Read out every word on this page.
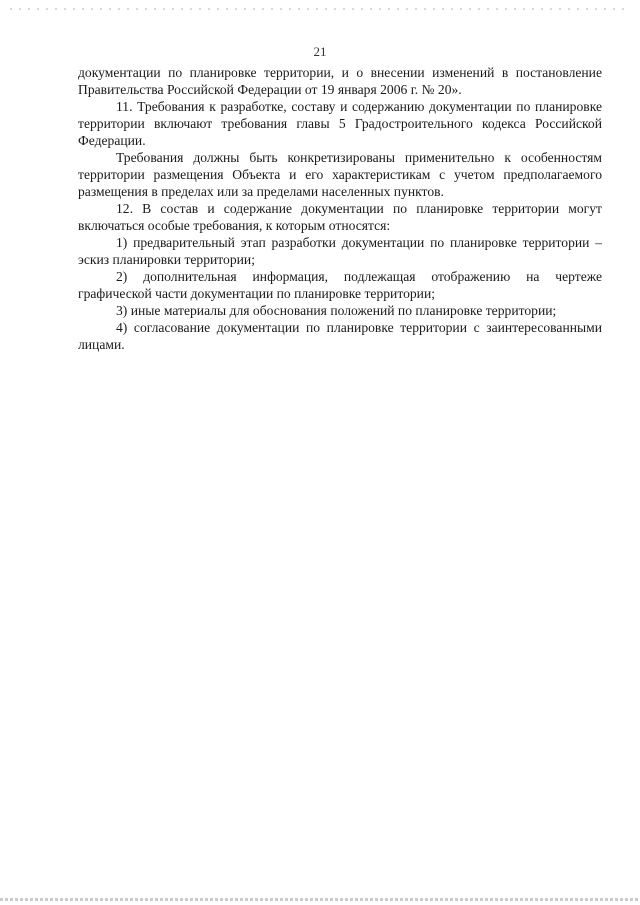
21

документации по планировке территории, и о внесении изменений в постановление Правительства Российской Федерации от 19 января 2006 г. № 20».

11. Требования к разработке, составу и содержанию документации по планировке территории включают требования главы 5 Градостроительного кодекса Российской Федерации.

Требования должны быть конкретизированы применительно к особенностям территории размещения Объекта и его характеристикам с учетом предполагаемого размещения в пределах или за пределами населенных пунктов.

12. В состав и содержание документации по планировке территории могут включаться особые требования, к которым относятся:

1) предварительный этап разработки документации по планировке территории – эскиз планировки территории;

2) дополнительная информация, подлежащая отображению на чертеже графической части документации по планировке территории;

3) иные материалы для обоснования положений по планировке территории;

4) согласование документации по планировке территории с заинтересованными лицами.
